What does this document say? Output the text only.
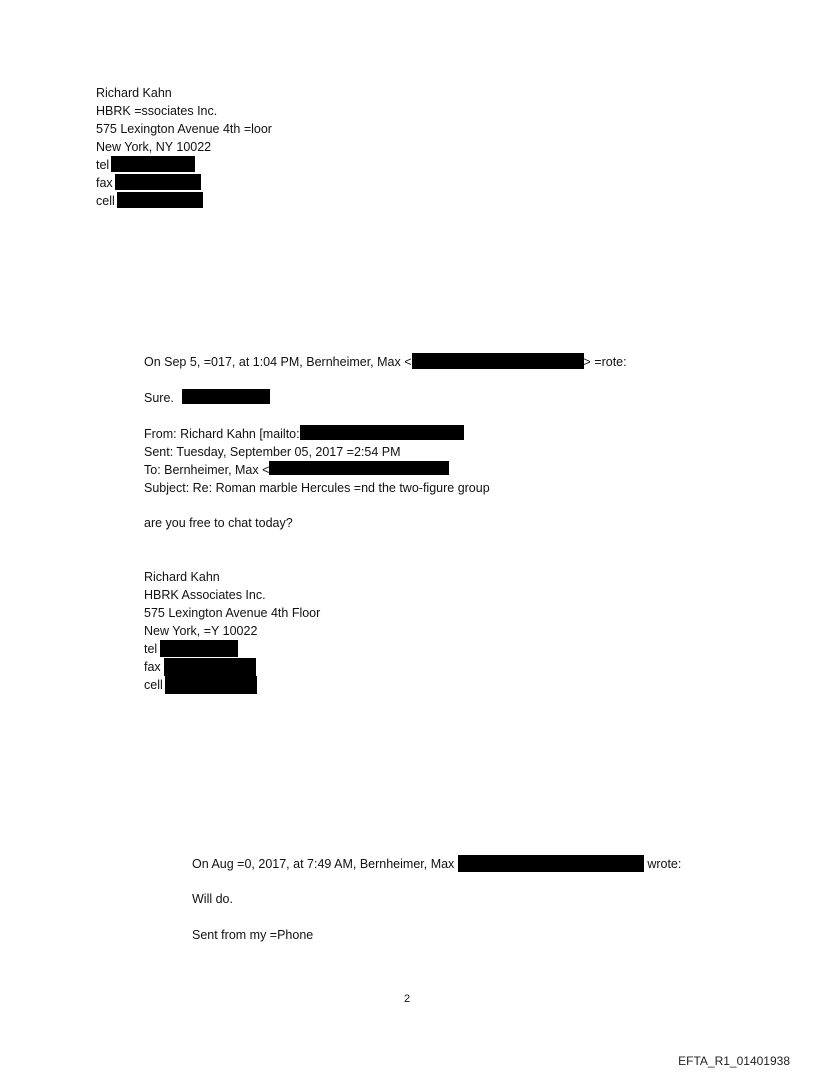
Richard Kahn
HBRK =ssociates Inc.
575 Lexington Avenue 4th =loor
New York, NY 10022
tel
fax
cell
On Sep 5, =017, at 1:04 PM, Bernheimer, Max <	> =rote:
Sure.
From: Richard Kahn [mailto:
Sent: Tuesday, September 05, 2017 =2:54 PM
To: Bernheimer, Max <
Subject: Re: Roman marble Hercules =nd the two-figure group
are you free to chat today?
Richard Kahn
HBRK Associates Inc.
575 Lexington Avenue 4th Floor
New York, =Y 10022
tel
fax
cell
On Aug =0, 2017, at 7:49 AM, Bernheimer, Max	wrote:
Will do.
Sent from my =Phone
2
EFTA_R1_01401938
